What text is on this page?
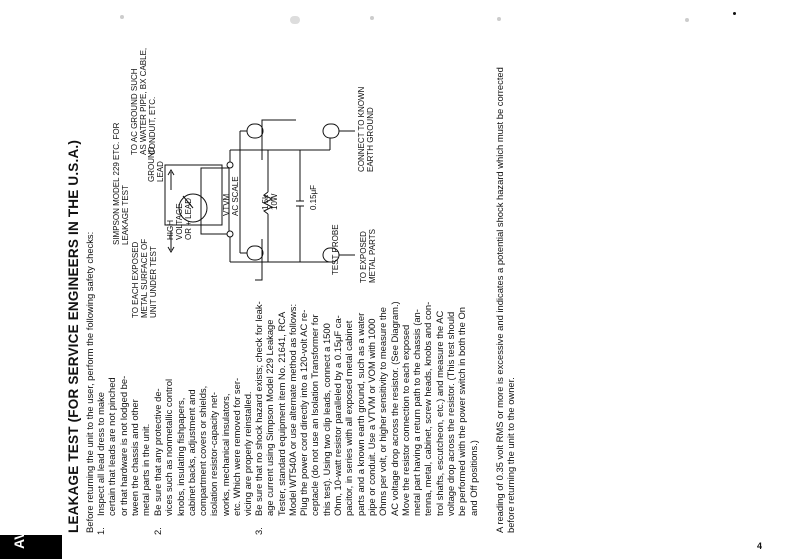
AVR70	LEAKAGE TEST (FOR SERVICE ENGINEERS IN THE U.S.A.) Before returning the unit to the user, perform the following safety checks: 1.
Inspect all lead dress to make certain that leads are not pinched or that hardware is not lodged be- tween the chassis and other metal parts in the unit.
2.
Be sure that any protective de- vices such as nonmetallic control knobs, insulating fishpapers, cabinet backs, adjustment and compartment covers or shields, isolation resistor-capacity net- works, mechanical insulators, etc. Which were removed for ser- vicing are properly reinstalled.
3.
Be sure that no shock hazard exists; check for leak- age current using Simpson Model 229 Leakage Tester, standard equipment item No. 21641, RCA Model WT540A or use alternate method as follows: Plug the power cord directly into a 120-volt AC re- ceptacle (do not use an Isolation Transformer for this test). Using two clip leads, connect a 1500 Ohm, 10-watt resistor paralleled by a 0.15μF ca- pacitor, in series with all exposed metal cabinet parts and a known earth ground, such as a water pipe or conduit. Use a VTVM or VOM with 1000 Ohms per volt, or higher sensitivity to measure the AC voltage drop across the resistor. (See Diagram.) Move the resistor connection to each exposed metal part having a return path to the chassis (an- tenna, metal, cabinet, screw heads, knobs and con- trol shafts, escutcheon, etc.) and measure the AC voltage drop across the resistor. (This test should be performed with the power switch in both the On and Off positions.) A reading of 0.35 volt RMS or more is excessive and indicates a potential shock hazard which must be corrected before returning the unit to the owner.
TO EACH EXPOSED METAL SURFACE OF UNIT UNDER TEST
HIGH VOLTAGE OR + LEAD
GROUND LEAD
SIMPSON MODEL 229 ETC. FOR LEAKAGE TEST
TO AC GROUND SUCH AS WATER PIPE, BX CABLE, CONDUIT, ETC.
VTVM AC SCALE	1.5k 10W	0.15μF
TEST PROBE TO EXPOSED METAL PARTS
CONNECT TO KNOWN EARTH GROUND
4
